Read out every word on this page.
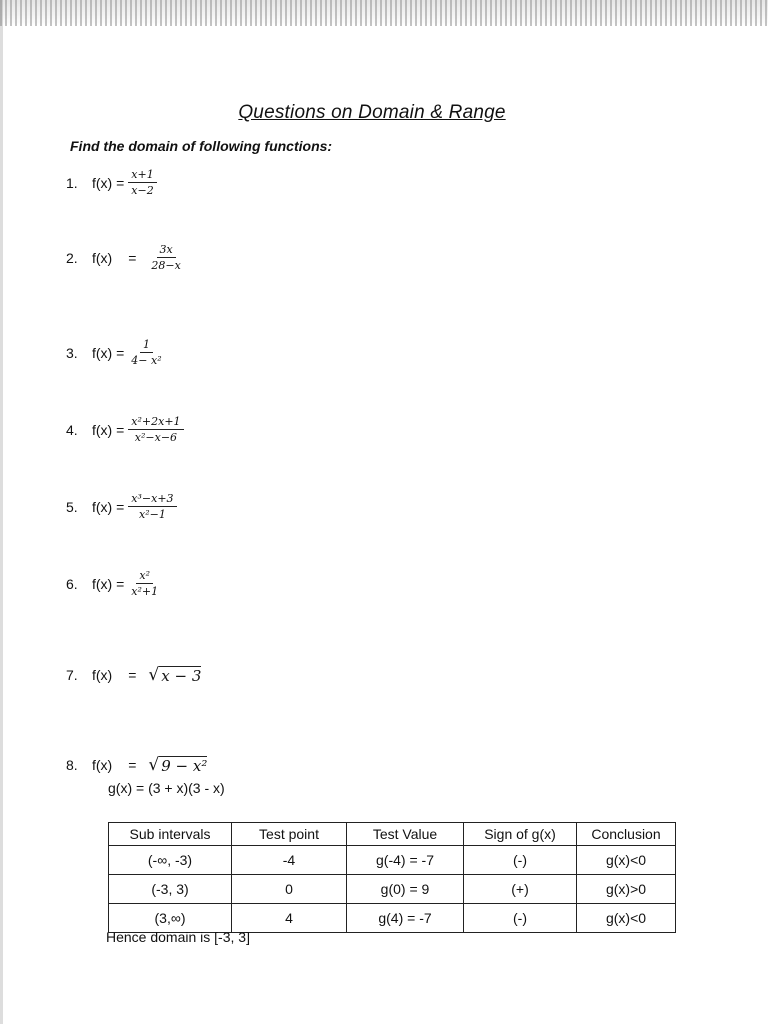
Questions on Domain & Range
Find the domain of following functions:
1.	$f(x) = \frac{x+1}{x-2}$
2.	$f(x) = \frac{3x}{28-x}$
3.	$f(x) = \frac{1}{\text{4− x²}}$
4.	$f(x) = \frac{\text{x²+2x+1}}{\text{x²−x−6}}$
5.	$f(x) = \frac{\text{x³−x+3}}{\text{x²−1}}$
6.	$f(x) = \frac{\text{x²}}{\text{x²+1}}$
7.	f(x) = √ x − 3
8.	f(x) = √ 9 − x²
g(x) = (3 + x)(3 - x)
Sub intervals	Test point	Test Value	Sign of g(x)	Conclusion
(-∞, -3)	-4	g(-4) = -7	(-)	g(x)<0
(-3, 3)	0	g(0) = 9	(+)	g(x)>0
(3,∞)	4	g(4) = -7	(-)	g(x)<0
Hence domain is [-3, 3]
